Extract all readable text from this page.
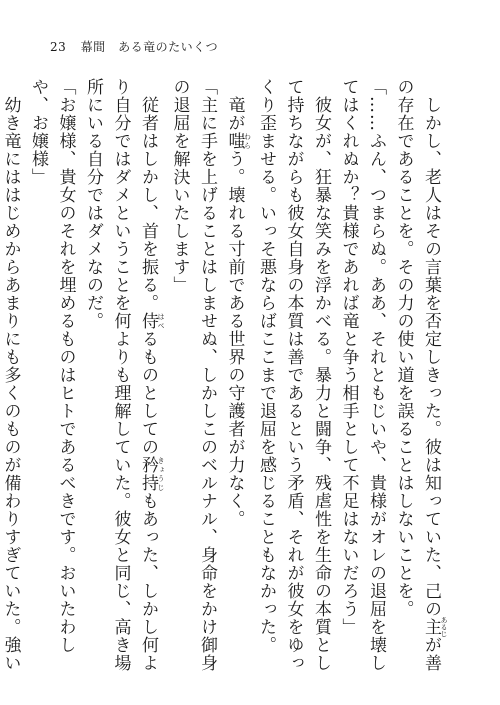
23 幕間　ある竜のたいくつ

　しかし、老人はその言葉を否定しきった。彼は知っていた、己の主 あるじが善の存在であることを。その力の使い道を誤ることはしないことを。

「……ふん、つまらぬ。ああ、それともじいや、貴様がオレの退屈を壊してはくれぬか？貴様であれば竜と争う相手として不足はないだろう」

　彼女が、狂暴な笑みを浮かべる。暴力と闘争、残虐性を生命の本質として持ちながらも彼女自身の本質は善であるという矛盾、それが彼女をゆっくり歪ませる。いっそ悪ならばここまで退屈を感じることもなかった。

　竜が嗤 わらう。壊れる寸前である世界の守護者が力なく。

「主に手を上げることはしませぬ、しかしこのベルナル、身命をかけ御身の退屈を解決いたします」

　従者はしかし、首を振る。侍 はべるものとしての矜持 きょうじもあった、しかし何より自分ではダメということを何よりも理解していた。彼女と同じ、高き場所にいる自分ではダメなのだ。

「お嬢様、貴女のそれを埋めるものはヒトであるべきです。おいたわしや、お嬢様」

　幼き竜にははじめからあまりにも多くのものが備わりすぎていた。強い
